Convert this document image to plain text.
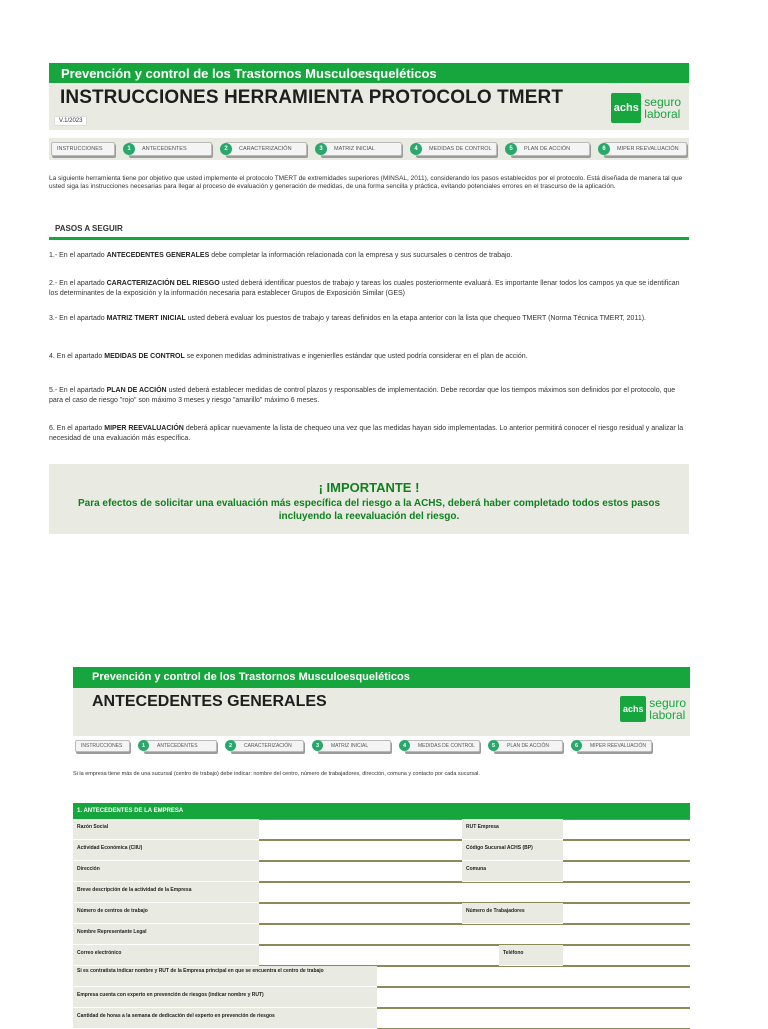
Prevención y control de los Trastornos Musculoesqueléticos
INSTRUCCIONES HERRAMIENTA PROTOCOLO TMERT
V.1/2023
achs seguro
laboral
INSTRUCCIONES	1	ANTECEDENTES	2	CARACTERIZACIÓN	3	MATRIZ INICIAL	4	MEDIDAS DE CONTROL	5	PLAN DE ACCIÓN	6	MIPER REEVALUACIÓN
La siguiente herramienta tiene por objetivo que usted implemente el protocolo TMERT de extremidades superiores (MINSAL, 2011), considerando los pasos establecidos por el protocolo. Está diseñada de manera tal que usted siga las instrucciones necesarias para llegar al proceso de evaluación y generación de medidas, de una forma sencilla y práctica, evitando potenciales errores en el trascurso de la aplicación.
PASOS A SEGUIR
1.- En el apartado ANTECEDENTES GENERALES debe completar la información relacionada con la empresa y sus sucursales o centros de trabajo.
2.- En el apartado CARACTERIZACIÓN DEL RIESGO usted deberá identificar puestos de trabajo y tareas los cuales posteriormente evaluará. Es importante llenar todos los campos ya que se identifican los determinantes de la exposición y la información necesaria para establecer Grupos de Exposición Similar (GES)
3.- En el apartado MATRIZ TMERT INICIAL usted deberá evaluar los puestos de trabajo y tareas definidos en la etapa anterior con la lista que chequeo TMERT (Norma Técnica TMERT, 2011).
4. En el apartado MEDIDAS DE CONTROL se exponen medidas administrativas e ingenierlles estándar que usted podría considerar en el plan de acción.
5.- En el apartado PLAN DE ACCIÓN usted deberá establecer medidas de control plazos y responsables de implementación. Debe recordar que los tiempos máximos son definidos por el protocolo, que para el caso de riesgo "rojo" son máximo 3 meses y riesgo "amarillo" máximo 6 meses.
6. En el apartado MIPER REEVALUACIÓN deberá aplicar nuevamente la lista de chequeo una vez que las medidas hayan sido implementadas. Lo anterior permitirá conocer el riesgo residual y analizar la necesidad de una evaluación más específica.
¡ IMPORTANTE !
Para efectos de solicitar una evaluación más específica del riesgo a la ACHS, deberá haber completado todos estos pasos incluyendo la reevaluación del riesgo.
Prevención y control de los Trastornos Musculoesqueléticos
ANTECEDENTES GENERALES	achs seguro
laboral
INSTRUCCIONES	1	ANTECEDENTES	2	CARACTERIZACIÓN	3	MATRIZ INICIAL	4	MEDIDAS DE CONTROL	5	PLAN DE ACCIÓN	6	MIPER REEVALUACIÓN
Si la empresa tiene más de una sucursal (centro de trabajo) debe indicar: nombre del centro, número de trabajadores, dirección, comuna y contacto por cada sucursal.
1. ANTECEDENTES DE LA EMPRESA
Razón Social	RUT Empresa
Actividad Económica (CIIU)	Código Sucursal ACHS (BP)
Dirección	Comuna
Breve descripción de la actividad de la Empresa
Número de centros de trabajo	Número de Trabajadores
Nombre Representante Legal
Correo electrónico	Teléfono
Si es contratista indicar nombre y RUT de la Empresa principal en que se encuentra el centro de trabajo
Empresa cuenta con experto en prevención de riesgos (indicar nombre y RUT)
Cantidad de horas a la semana de dedicación del experto en prevención de riesgos
